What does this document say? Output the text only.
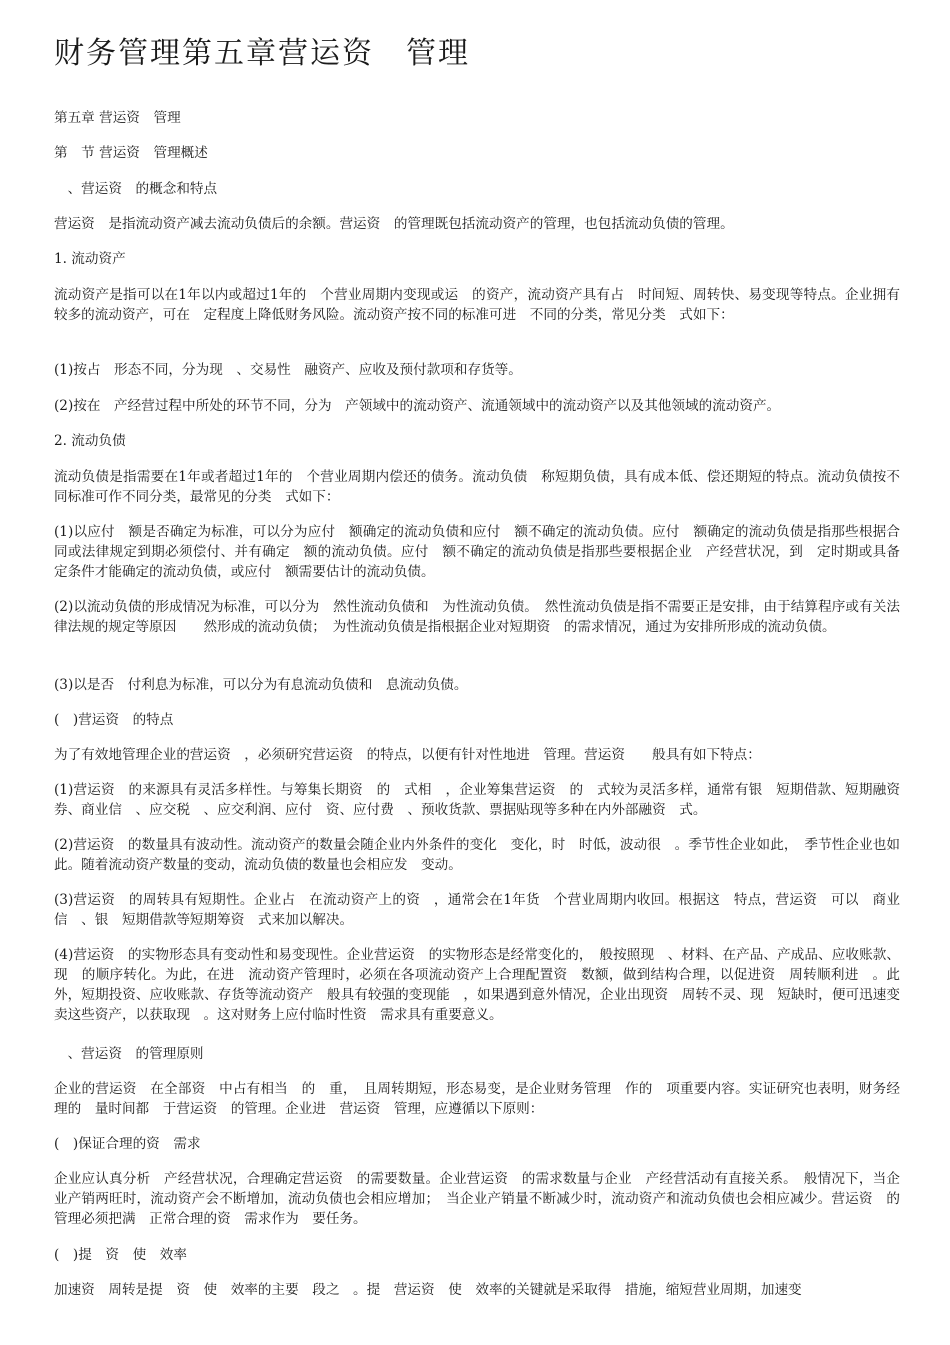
财务管理第五章营运资　管理

第五章 营运资　管理

第　节 营运资　管理概述

　、营运资　的概念和特点

营运资　是指流动资产减去流动负债后的余额。营运资　的管理既包括流动资产的管理，也包括流动负债的管理。

1. 流动资产

流动资产是指可以在1年以内或超过1年的　个营业周期内变现或运　的资产，流动资产具有占　时间短、周转快、易变现等特点。企业拥有较多的流动资产，可在　定程度上降低财务风险。流动资产按不同的标准可进　不同的分类，常见分类　式如下：

(1)按占　形态不同，分为现　、交易性　融资产、应收及预付款项和存货等。

(2)按在　产经营过程中所处的环节不同，分为　产领域中的流动资产、流通领域中的流动资产以及其他领域的流动资产。

2. 流动负债

流动负债是指需要在1年或者超过1年的　个营业周期内偿还的债务。流动负债　称短期负债，具有成本低、偿还期短的特点。流动负债按不同标准可作不同分类，最常见的分类　式如下：

(1)以应付　额是否确定为标准，可以分为应付　额确定的流动负债和应付　额不确定的流动负债。应付　额确定的流动负债是指那些根据合同或法律规定到期必须偿付、并有确定　额的流动负债。应付　额不确定的流动负债是指那些要根据企业　产经营状况，到　定时期或具备　定条件才能确定的流动负债，或应付　额需要估计的流动负债。

(2)以流动负债的形成情况为标准，可以分为　然性流动负债和　为性流动负债。　然性流动负债是指不需要正是安排，由于结算程序或有关法律法规的规定等原因　　然形成的流动负债；　为性流动负债是指根据企业对短期资　的需求情况，通过为安排所形成的流动负债。

(3)以是否　付利息为标准，可以分为有息流动负债和　息流动负债。

(　)营运资　的特点

为了有效地管理企业的营运资　，必须研究营运资　的特点，以便有针对性地进　管理。营运资　　般具有如下特点：

(1)营运资　的来源具有灵活多样性。与筹集长期资　的　式相　，企业筹集营运资　的　式较为灵活多样，通常有银　短期借款、短期融资券、商业信　、应交税　、应交利润、应付　资、应付费　、预收货款、票据贴现等多种在内外部融资　式。

(2)营运资　的数量具有波动性。流动资产的数量会随企业内外条件的变化　变化，时　时低，波动很　。季节性企业如此，　季节性企业也如此。随着流动资产数量的变动，流动负债的数量也会相应发　变动。

(3)营运资　的周转具有短期性。企业占　在流动资产上的资　，通常会在1年货　个营业周期内收回。根据这　特点，营运资　可以　商业信　、银　短期借款等短期筹资　式来加以解决。

(4)营运资　的实物形态具有变动性和易变现性。企业营运资　的实物形态是经常变化的，　般按照现　、材料、在产品、产成品、应收账款、现　的顺序转化。为此，在进　流动资产管理时，必须在各项流动资产上合理配置资　数额，做到结构合理，以促进资　周转顺利进　。此外，短期投资、应收账款、存货等流动资产　般具有较强的变现能　，如果遇到意外情况，企业出现资　周转不灵、现　短缺时，便可迅速变卖这些资产，以获取现　。这对财务上应付临时性资　需求具有重要意义。

　、营运资　的管理原则

企业的营运资　在全部资　中占有相当　的　重，　且周转期短，形态易变，是企业财务管理　作的　项重要内容。实证研究也表明，财务经理的　量时间都　于营运资　的管理。企业进　营运资　管理，应遵循以下原则：

(　)保证合理的资　需求

企业应认真分析　产经营状况，合理确定营运资　的需要数量。企业营运资　的需求数量与企业　产经营活动有直接关系。　般情况下，当企业产销两旺时，流动资产会不断增加，流动负债也会相应增加；　当企业产销量不断减少时，流动资产和流动负债也会相应减少。营运资　的管理必须把满　正常合理的资　需求作为　要任务。

(　)提　资　使　效率

加速资　周转是提　资　使　效率的主要　段之　。提　营运资　使　效率的关键就是采取得　措施，缩短营业周期，加速变
